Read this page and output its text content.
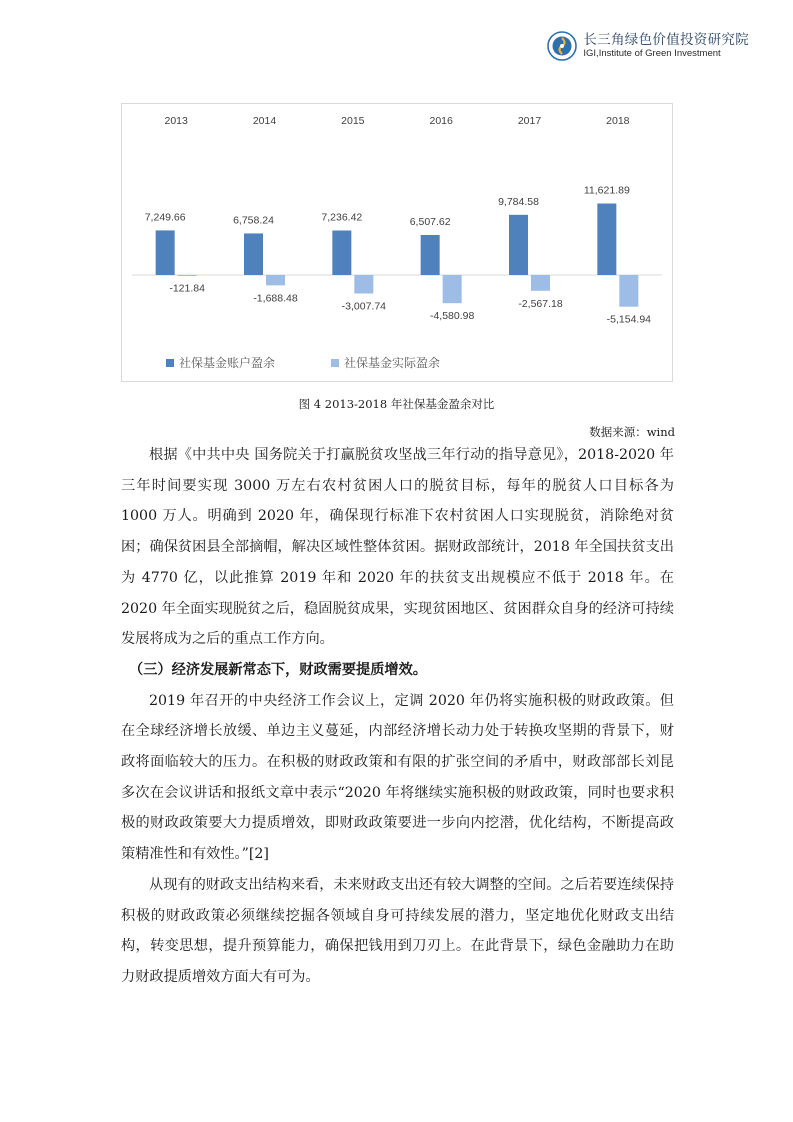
长三角绿色价值投资研究院
IGI,Institute of Green Investment
2013	2014	2015	2016	2017	2018
7,249.66	6,758.24	7,236.42	6,507.62
9,784.58
11,621.89
-121.84
-1,688.48
-3,007.74
-4,580.98
-2,567.18
-5,154.94
社保基金账户盈余	社保基金实际盈余
图 4 2013-2018 年社保基金盈余对比
数据来源：wind

根据《中共中央 国务院关于打赢脱贫攻坚战三年行动的指导意见》，2018-2020 年三年时间要实现 3000 万左右农村贫困人口的脱贫目标，每年的脱贫人口目标各为 1000 万人。明确到 2020 年，确保现行标准下农村贫困人口实现脱贫，消除绝对贫困；确保贫困县全部摘帽，解决区域性整体贫困。据财政部统计，2018 年全国扶贫支出为 4770 亿，以此推算 2019 年和 2020 年的扶贫支出规模应不低于 2018 年。在 2020 年全面实现脱贫之后，稳固脱贫成果，实现贫困地区、贫困群众自身的经济可持续发展将成为之后的重点工作方向。

（三）经济发展新常态下，财政需要提质增效。

2019 年召开的中央经济工作会议上，定调 2020 年仍将实施积极的财政政策。但在全球经济增长放缓、单边主义蔓延，内部经济增长动力处于转换攻坚期的背景下，财政将面临较大的压力。在积极的财政政策和有限的扩张空间的矛盾中，财政部部长刘昆多次在会议讲话和报纸文章中表示“2020 年将继续实施积极的财政政策，同时也要求积极的财政政策要大力提质增效，即财政政策要进一步向内挖潜，优化结构，不断提高政策精准性和有效性。”[2]

从现有的财政支出结构来看，未来财政支出还有较大调整的空间。之后若要连续保持积极的财政政策必须继续挖掘各领域自身可持续发展的潜力，坚定地优化财政支出结构，转变思想，提升预算能力，确保把钱用到刀刃上。在此背景下，绿色金融助力在助力财政提质增效方面大有可为。
